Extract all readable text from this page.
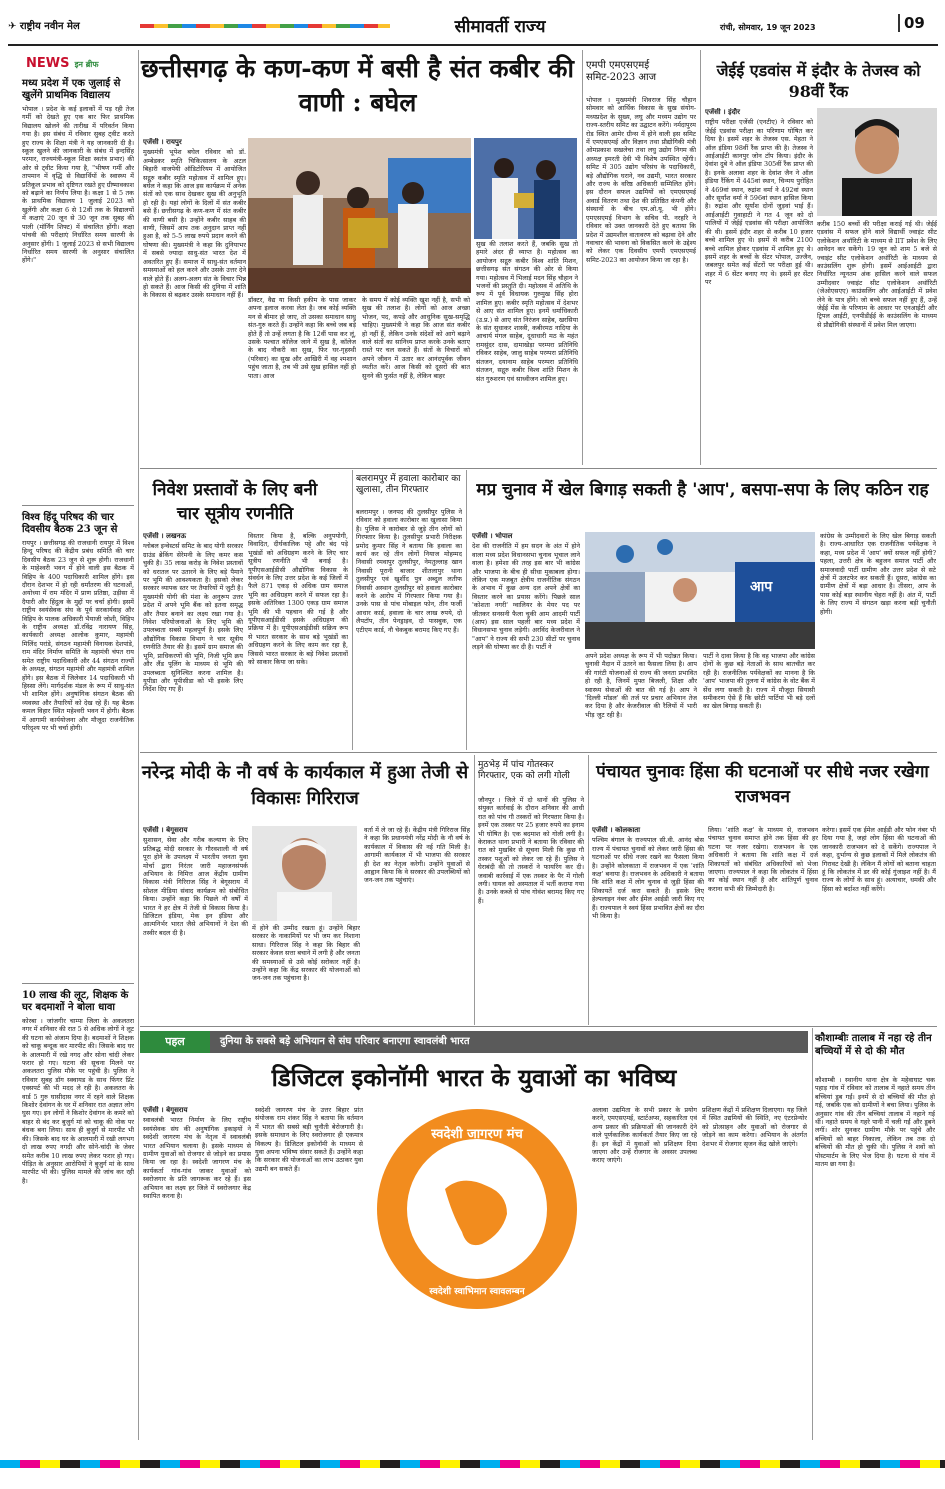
✈ राष्ट्रीय नवीन मेल	सीमावर्ती राज्य	रांची, सोमवार, 19 जून 2023	09
NEWS इन ब्रीफ
मध्य प्रदेश में एक जुलाई से खुलेंगे प्राथमिक विद्यालय
भोपाल । प्रदेश के कई इलाकों में पड़ रही तेज गर्मी को देखते हुए एक बार फिर प्राथमिक विद्यालय खोलने की तारीख में परिवर्तन किया गया है। इस संबंध में रविवार सुबह ट्वीट करते हुए राज्य के शिक्षा मंत्री ने यह जानकारी दी है। स्कूल खुलने की जानकारी के संबंध में इन्दसिंह परमार, राज्यमंत्री-स्कूल शिक्षा स्वतंत्र प्रभार) की ओर से ट्वीट किया गया है, "भीषण गर्मी और तापमान में वृद्धि से विद्यार्थियों के स्वास्थ्य में प्रतिकूल प्रभाव को दृष्टिगत रखते हुए ग्रीष्मावकाश को बढ़ाने का निर्णय लिया है। कक्षा 1 से 5 तक के प्राथमिक विद्यालय 1 जुलाई 2023 को खुलेंगी और कक्षा 6 से 12वीं तक के विद्यालयों में कक्षाएं 20 जून से 30 जून तक सुबह की पाली (मॉर्निंग शिफ्ट) में संचालित होंगी। कक्षा पांचवी की परीक्षाएं निर्धारित समय सारणी के अनुसार होंगी। 1 जुलाई 2023 से सभी विद्यालय निर्धारित समय सारणी के अनुसार संचालित होंगे।"
विश्व हिंदू परिषद की चार दिवसीय बैठक 23 जून से
रायपुर । छत्तीसगढ़ की राजधानी रायपुर में विश्व हिन्दू परिषद की केंद्रीय प्रबंध समिति की चार दिवसीय बैठक 23 जून से शुरू होगी। राजधानी के माहेश्वरी भवन में होने वाली इस बैठक में विहिप के 400 पदाधिकारी शामिल होंगे। इस दौरान देशभर में हो रही धर्मांतरण की घटनाओं, अयोध्या में राम मंदिर में प्राण प्रतिष्ठा, उड़ीसा में दैयारी और हिंदुत्व के मुद्दों पर चर्चा होगी। इसमें राष्ट्रीय स्वयंसेवक संघ के पूर्व सरकार्यवाह और विहिप के पालक अधिकारी भैयाजी जोशी, विहिप के राष्ट्रीय अध्यक्ष डॉ.रविंद्र नारायण सिंह, कार्यकारी अध्यक्ष आलोक कुमार, महामंत्री मिलिंद परांडे, संगठन महामंत्री विनायक देशपांडे, राम मंदिर निर्माण समिति के महामंत्री चंपत राय समेत राष्ट्रीय पदाधिकारी और 44 संगठन राज्यों के अध्यक्ष, संगठन महामंत्री और महामंत्री शामिल होंगे। इस बैठक में जिलेवार 14 पदाधिकारी भी हिस्सा लेंगे। मार्गदर्शक मंडल के रूप में साधु-संत भी शामिल होंगे। अनुषांगिक संगठन बैठक की व्यवस्था और तैयारियों को देख रहे हैं। यह बैठक कमल विहार स्थित महेश्वरी भवन में होगी। बैठक में आगामी कार्ययोजना और मौजूदा राजनीतिक परिदृश्य पर भी चर्चा होगी।
10 लाख की लूट, शिक्षक के घर बदमाशों ने बोला धावा
कोरबा । जांजगीर चाम्पा जिला के अकलतरा नगर में शनिवार की रात 5 से अधिक लोगों ने लूट की घटना को अंजाम दिया है। बदमाशों ने शिक्षक को चाकू बन्दूक कर मारपीट की। जिसके बाद घर के आलमारी में रखे नगद और सोना चांदी लेकर फरार हो गए। घटना की सूचना मिलने पर अकलतरा पुलिस मौके पर पहुंची है। पुलिस ने रविवार सुबह डॉग स्क्वायड के साथ फिंगर प्रिंट एक्सपर्ट की भी मदद ले रही है। अकलतरा के वार्ड 5 गुरु घासीदास नगर में रहने वाले शिक्षक किशोर देवांगन के घर में शनिवार रात अज्ञात लोग घुस गए। इन लोगों ने किशोर देवांगन के कमरे को बाहर से बंद कर बुजुर्ग मां को चाकू की नोक पर बंधक बना लिया। साथ ही बुजुर्ग से मारपीट भी की। जिसके बाद घर के आलमारी में रखी लगभग दो लाख रुपए नगदी और सोने-चांदी के जेवर समेत करीब 10 लाख रुपए लेकर फरार हो गए। पीड़ित के अनुसार आरोपियों ने बुजुर्ग मां के साथ मारपीट भी की। पुलिस मामले की जांच कर रही है।
छत्तीसगढ़ के कण-कण में बसी है संत कबीर की वाणी : बघेल
एजेंसी । रायपुर
मुख्यमंत्री भूपेश बघेल रविवार को डॉ. अम्बेडकर स्मृति चिकित्सालय के अटल बिहारी वाजपेयी ऑडिटोरियम में आयोजित सद्गुरु कबीर स्मृति महोत्सव में शामिल हुए। बघेल ने कहा कि आज इस कार्यक्रम में अनेक संतों को एक साथ देखकर सुख की अनुभूति हो रही है। यहां लोगों के दिलों में संत कबीर बसे हैं। छत्तीसगढ़ के कण-कण में संत कबीर की वाणी बसी है। उन्होंने कबीर साहब की वाणी, जिसमें आप तक अनुदान प्राप्त नहीं हुआ है, को 5-5 लाख रुपये प्रदान करने की घोषणा की। मुख्यमंत्री ने कहा कि दुनियाभर में सबसे ज्यादा साधु-संत भारत देश में अवतरित हुए हैं। समाज में साधु-संत वर्तमान समस्याओं को हल करने और उसके उत्तर देने वाले होते हैं। अलग-अलग संत के विचार भिन्न हो सकते हैं। आज किसी की दुनिया में शांति के विकास से बढ़कर उसके समाधान नहीं हैं।
डॉक्टर, वैद्य या किसी हकीम के पास जाकर अपना इलाज करवा लेता है। जब कोई व्यक्ति मन से बीमार हो जाए, तो उसका समाधान साधु संत-गुरु करते हैं। उन्होंने कहा कि बच्चे जब बड़े होते हैं तो उन्हें लगता है कि 12वीं पास कर लूं, उसके पश्चात कॉलेज जाने में सुख है, कॉलेज के बाद नौकरी का सुख, फिर घर-गृहस्थी (परिवार) का सुख और आखिरी में वह श्मशान पहुंच जाता है, तब भी उसे सुख हासिल नहीं हो पाता। आज
के समय में कोई व्यक्ति खुश नहीं है, सभी को सुख की तलाश है। लोगों को आज अच्छा भोजन, पद, कपड़े और आधुनिक सुख-समृद्धि चाहिए। मुख्यमंत्री ने कहा कि आज संत कबीर हो नहीं हैं, लेकिन उनके संदेशों को आगे बढ़ाने वाले संतों का सानिध्य प्राप्त करके उनके बताए रास्ते पर चल सकते हैं। संतों के विचारों को अपने जीवन में उतार कर आनंदपूर्वक जीवन व्यतीत करें। आज किसी को दूसरों की बात सुनने की फुर्सत नहीं है, लेकिन बाहर
सुख की तलाश करते हैं, जबकि सुख तो हमारे अंदर ही व्याप्त है। महोत्सव का आयोजन सद्गुरु कबीर विश्व शांति मिशन, छत्तीसगढ़ संत संगठन की ओर से किया गया। महोत्सव में भिलाई मदन सिंह चौहान ने भजनों की प्रस्तुति दी। महोत्सव में अतिथि के रूप में पूर्व विधायक गुरुमुख सिंह होरा शामिल हुए। कबीर स्मृति महोत्सव में देशभर से आए संत शामिल हुए। इनमें धर्माधिकारी (उ.प्र.) से आए संत निरंजन साहेब, खरसिया के संत सुधाकर शास्त्री, कबीरमठ नादिया के आचार्य मंगल साहेब, दूधाधारी मठ के महंत रामसुंदर दास, दामाखेड़ा परम्परा प्रतिनिधि रविकर साहेब, जालु साहेब परम्परा प्रतिनिधि संतजन, दयानाम साहेब परम्परा प्रतिनिधि संतजन, सद्गुरु कबीर विश्व शांति मिशन के संत गुरुशरण एवं साध्वीजन शामिल हुए।
एमपी एमएसएमई समिट-2023 आज
भोपाल । मुख्यमंत्री शिवराज सिंह चौहान सोमवार को आर्थिक विकास के सुख संयोग- मध्यप्रदेश के सुख्य, लघु और मध्यम उद्योग पर राज्य-स्तरीय समिट का उद्घाटन करेंगे। नर्मदापुरम रोड स्थित आमेर ग्रीन्स में होने वाली इस समिट में एमएसएमई और विज्ञान तथा प्रौद्योगिकी मंत्री ओमप्रकाश सखलेचा तथा लघु उद्योग निगम की अध्यक्ष इमरती देवी भी विशेष उपस्थित रहेंगी। समिट में 305 उद्योग परिसंघ के पदाधिकारी, बड़े औद्योगिक घराने, नव उद्यमी, भारत सरकार और राज्य के वरिष्ठ अधिकारी सम्मिलित होंगे। इस दौरान सफल उद्यमियों को एमएसएमई अवार्ड वितरण तथा देश की प्रतिष्ठित कंपनी और संस्थानों के बीच एम.ओ.यू. भी होंगे। एमएसएमई विभाग के सचिव पी. नरहरि ने रविवार को उक्त जानकारी देते हुए बताया कि प्रदेश में उद्यमशील वातावरण को बढ़ावा देने और नवाचार की भावना को विकसित करने के उद्देश्य को लेकर एक दिवसीय एमपी एमएसएमई समिट-2023 का आयोजन किया जा रहा है।
जेईई एडवांस में इंदौर के तेजस्व को 98वीं रैंक
एजेंसी । इंदौर
राष्ट्रीय परीक्षा एजेंसी (एनटीए) ने रविवार को जेईई एडवांस परीक्षा का परिणाम घोषित कर दिया है। इसमें शहर के तेजस्व एस. मेहता ने ऑल इंडिया 98वीं रैंक प्राप्त की है। तेजस्व ने आईआईटी कानपुर जोन टॉप किया। इंदौर के देवांश दुबे ने ऑल इंडिया 305वीं रैंक प्राप्त की है। इनके अलावा शहर के देवांश जैन ने ऑल इंडिया रैंकिंग में 445वां स्थान, चिन्मय पुरोहित ने 469वां स्थान, रुद्रांश वर्मा ने 492वां स्थान और सूर्यांश वर्मा ने 596वां स्थान हासिल किया है। रुद्रांश और सूर्यांश दोनों जुड़वां भाई हैं। आईआईटी गुवाहाटी ने गत 4 जून को दो पालियों में जेईई एडवांस की परीक्षा आयोजित की थी। इसमें इंदौर शहर से करीब 10 हजार बच्चे शामिल हुए थे। इसमें से करीब 2100 बच्चे शामिल होकर एडवांस में शामिल हुए थे। इसमें शहर के बच्चों के सेंटर भोपाल, उज्जैन, जबलपुर समेत कई सेंटरों पर परीक्षा हुई थी। शहर में 6 सेंटर बनाए गए थे। इसमें हर सेंटर पर
करीब 150 बच्चों की परीक्षा कराई गई थी। जेईई एडवांस में सफल होने वाले विद्यार्थी ज्वाइंट सीट एलोकेशन अथॉरिटी के माध्यम से IIT प्रवेश के लिए आवेदन कर सकेंगे। 19 जून को शाम 5 बजे से ज्वाइंट सीट एलोकेशन अथॉरिटी के माध्यम से काउंसलिंग शुरू होगी। इसमें आईआईटी द्वारा निर्धारित न्यूनतम अंक हासिल करने वाले सफल उम्मीदवार ज्वाइंट सीट एलोकेशन अथॉरिटी (जेओएसएए) काउंसलिंग और आईआईटी में प्रवेश लेने के पात्र होंगे। जो बच्चे सफल नहीं हुए हैं, उन्हें जेईई मेंस के परिणाम के आधार पर एनआईटी और ट्रिपल आईटी, एनपीडीईई के काउंसलिंग के माध्यम से प्रौद्योगिकी संस्थानों में प्रवेश मिल जाएगा।
निवेश प्रस्तावों के लिए बनी चार सूत्रीय रणनीति
एजेंसी । लखनऊ
ग्लोबल इन्वेस्टर्स समिट के बाद योगी सरकार ग्राउंड ब्रेकिंग सेरेमनी के लिए कमर कस चुकी है। 35 लाख करोड़ के निवेश प्रस्तावों को धरातल पर उतारने के लिए बड़े पैमाने पर भूमि की आवश्यकता है। इसको लेकर सरकार व्यापक स्तर पर तैयारियों में जुटी है। मुख्यमंत्री योगी की मंशा के अनुरूप उत्तर प्रदेश में अपने भूमि बैंक को इतना समृद्ध और तैयार बनाने का लक्ष्य रखा गया है। निवेश परियोजनाओं के लिए भूमि की उपलब्धता सबसे महत्वपूर्ण है। इसके लिए औद्योगिक विकास विभाग ने चार सूत्रीय रणनीति तैयार की है। इसमें ग्राम समाज की भूमि, प्राधिकरणों की भूमि, निजी भूमि क्रय और लैंड पूलिंग के माध्यम से भूमि की उपलब्धता सुनिश्चित करना शामिल है। यूपीडा और यूपीसीडा को भी इसके लिए निर्देश दिए गए हैं।
विस्तार किया है, बल्कि अनुपयोगी, विवादित, दीर्घकालिक पट्टे और बंद पड़े भूखंडों को अधिग्रहण करने के लिए चार सूत्रीय रणनीति भी बनाई है। यूपीएसआईडीसी औद्योगिक विकास के संवर्धन के लिए उत्तर प्रदेश के कई जिलों में फैले 871 एकड़ से अधिक ग्राम समाज भूमि का अधिग्रहण करने में सफल रहा है। इसके अतिरिक्त 1300 एकड़ ग्राम समाज भूमि की भी पहचान की गई है और यूपीएसआईडीसी इसके अधिग्रहण की प्रक्रिया में है। यूपीएसआईडीसी सक्रिय रूप से भारत सरकार के साथ बड़े भूखंडों का अधिग्रहण करने के लिए काम कर रहा है, जिससे भारत सरकार के बड़े निवेश प्रस्तावों को साकार किया जा सके।
बलरामपुर में हवाला कारोबार का खुलासा, तीन गिरफ्तार
बलरामपुर । जनपद की तुलसीपुर पुलिस ने रविवार को हवाला कारोबार का खुलासा किया है। पुलिस ने कारोबार से जुड़े तीन लोगों को गिरफ्तार किया है। तुलसीपुर प्रभारी निरीक्षक प्रमोद कुमार सिंह ने बताया कि हवाला का कार्य कर रहे तीन लोगों नियाज मोहम्मद निवासी रमवापुर तुलसीपुर, नेमतुल्लाह खान निवासी पूरानी बाजार शीतलापुर थाना तुलसीपुर एवं खुर्शीद पुत्र अब्दुल लतीफ निवासी अस्थान तुलसीपुर को हवाला कारोबार करने के आरोप में गिरफ्तार किया गया है। उनके पास से पांच मोबाइल फोन, तीन फर्जी आधार कार्ड, हवाला के चार लाख रुपये, दो लैपटॉप, तीन पेनड्राइव, दो पासबुक, एक एटीएम कार्ड, नौ चेकबुक बरामद किए गए हैं।
मप्र चुनाव में खेल बिगाड़ सकती है 'आप', बसपा-सपा के लिए कठिन राह
एजेंसी । भोपाल
देश की राजनीति में हम सदन के अंत में होने वाला मध्य प्रदेश विधानसभा चुनाव भूचाल लाने वाला है। हमेशा की तरह इस बार भी कांग्रेस और भाजपा के बीच ही सीधा मुकाबला होगा। लेकिन एक मजबूत क्षेत्रीय राजनीतिक संगठन के अभाव में कुछ अन्य दल अपने क्षेत्रों का विस्तार करने का प्रयास करेंगे। पिछले साल 'कोशता नगरी' ग्वालियर के मेयर पद पर जीतकर सनसनी फैला चुकी आम आदमी पार्टी (आप) इस साल पहली बार मध्य प्रदेश में विधानसभा चुनाव लड़ेगी। अरविंद केजरीवाल ने "आप" ने राज्य की सभी 230 सीटों पर चुनाव लड़ने की घोषणा कर दी है। पार्टी ने
आप
अपने प्रदेश अध्यक्ष के रूप में भी पदोन्नत किया। चुनावी मैदान में उतरने का फैसला लिया है। आप की गारंटी योजनाओं से राज्य की जनता प्रभावित हो रही है, जिनमें मुफ्त बिजली, शिक्षा और स्वास्थ्य सेवाओं की बात की गई है। आप ने 'दिल्ली मॉडल' की तर्ज पर प्रचार अभियान तेज कर दिया है और केजरीवाल की रैलियों में भारी भीड़ जुट रही है।
पार्टी ने दावा किया है कि वह भाजपा और कांग्रेस दोनों के कुछ बड़े नेताओं के साथ बातचीत कर रही है। राजनीतिक पर्यवेक्षकों का मानना है कि 'आप' भाजपा की तुलना में कांग्रेस के वोट बैंक में सेंध लगा सकती है। राज्य में मौजूदा सियासी समीकरण ऐसे हैं कि छोटी पार्टियां भी बड़े दलों का खेल बिगाड़ सकती हैं।
कांग्रेस के उम्मीदवारों के लिए खेल बिगाड़ सकती है। राज्य-आधारित एक राजनीतिक पर्यवेक्षक ने कहा, मध्य प्रदेश में 'आप' क्यों सफल नहीं होगी? पहला, उत्तरी क्षेत्र के बहुजन समाज पार्टी और समाजवादी पार्टी ग्रामीण और उत्तर प्रदेश से सटे क्षेत्रों में उलटफेर कर सकती हैं। दूसरा, कांग्रेस का ग्रामीण क्षेत्रों में बड़ा आधार है। तीसरा, आप के पास कोई बड़ा स्थानीय चेहरा नहीं है। अंत में, पार्टी के लिए राज्य में संगठन खड़ा करना बड़ी चुनौती होगी।
नरेन्द्र मोदी के नौ वर्ष के कार्यकाल में हुआ तेजी से विकासः गिरिराज
एजेंसी । बेगूसराय
सुशासन, सेवा और गरीब कल्याण के लिए प्रतिबद्ध मोदी सरकार के गौरवशाली नौ वर्ष पूरा होने के उपलक्ष्य में भारतीय जनता युवा मोर्चा द्वारा निरंतर जारी महाजनसंपर्क अभियान के निमित्त आज केंद्रीय ग्रामीण विकास मंत्री गिरिराज सिंह ने बेगूसराय में सोशल मीडिया संवाद कार्यक्रम को संबोधित किया। उन्होंने कहा कि पिछले नौ वर्षों में भारत ने हर क्षेत्र में तेजी से विकास किया है। डिजिटल इंडिया, मेक इन इंडिया और आत्मनिर्भर भारत जैसे अभियानों ने देश की तस्वीर बदल दी है।
में होने की उम्मीद रखता हूं। उन्होंने बिहार सरकार के नाकामियों पर भी जम कर निशाना साधा। गिरिराज सिंह ने कहा कि बिहार की सरकार केवल सत्ता बचाने में लगी है और जनता की समस्याओं से उसे कोई सरोकार नहीं है। उन्होंने कहा कि केंद्र सरकार की योजनाओं को जन-जन तक पहुंचाना है।
वर्ता में ले जा रहे हैं। केंद्रीय मंत्री गिरिराज सिंह ने कहा कि प्रधानमंत्री नरेंद्र मोदी के नौ वर्ष के कार्यकाल में विकास की नई गति मिली है। आगामी कार्यकाल में भी भाजपा की सरकार ही देश का नेतृत्व करेगी। उन्होंने युवाओं से आह्वान किया कि वे सरकार की उपलब्धियों को जन-जन तक पहुंचाएं।
मुठभेड़ में पांच गोतस्कर गिरफ्तार, एक को लगी गोली
जौनपुर । जिले में दो थानों की पुलिस ने संयुक्त कार्रवाई के दौरान शनिवार की आधी रात को पांच गौ तस्करों को गिरफ्तार किया है। इनमें एक तस्कर पर 25 हजार रुपये का इनाम भी घोषित है। एक बदमाश को गोली लगी है। केराकत थाना प्रभारी ने बताया कि रविवार की रात को मुखबिर से सूचना मिली कि कुछ गौ तस्कर पशुओं को लेकर जा रहे हैं। पुलिस ने घेराबंदी की तो तस्करों ने फायरिंग कर दी। जवाबी कार्रवाई में एक तस्कर के पैर में गोली लगी। घायल को अस्पताल में भर्ती कराया गया है। उनके कब्जे से पांच गोवंश बरामद किए गए हैं।
पंचायत चुनावः हिंसा की घटनाओं पर सीधे नजर रखेगा राजभवन
एजेंसी । कोलकाता
पश्चिम बंगाल के राज्यपाल सी.वी. आनंद बोस राज्य में पंचायत चुनावों को लेकर जारी हिंसा की घटनाओं पर सीधे नजर रखने का फैसला किया है। उन्होंने कोलकाता में राजभवन में एक 'शांति कक्ष' बनाया है। राजभवन के अधिकारी ने बताया कि शांति कक्ष में लोग चुनाव से जुड़ी हिंसा की शिकायतें दर्ज करा सकते हैं। इसके लिए हेल्पलाइन नंबर और ईमेल आईडी जारी किए गए हैं। राज्यपाल ने स्वयं हिंसा प्रभावित क्षेत्रों का दौरा भी किया है।
लिया। 'शांति कक्ष' के माध्यम से, राजभवन पंचायत चुनाव समाप्त होने तक हिंसा की हर घटना पर नजर रखेगा। राजभवन के एक अधिकारी ने बताया कि शांति कक्ष में दर्ज शिकायतों को संबंधित अधिकारियों को भेजा जाएगा। राज्यपाल ने कहा कि लोकतंत्र में हिंसा का कोई स्थान नहीं है और शांतिपूर्ण चुनाव कराना सभी की जिम्मेदारी है।
करेगा। इसमें एक ईमेल आईडी और फोन नंबर भी दिया गया है, जहां लोग हिंसा की घटनाओं की जानकारी राजभवन को दे सकेंगे। राज्यपाल ने कहा, दुर्भाग्य से कुछ इलाकों में मिले लोकतंत्र की गिरावट देखी है। लेकिन मैं लोगों को बताना चाहता हूं कि लोकतंत्र में डर की कोई गुंजाइश नहीं है। मैं राज्य के लोगों के साथ हूं। अत्याचार, धमकी और हिंसा को बर्दाश्त नहीं करेंगे।
पहल	दुनिया के सबसे बड़े अभियान से संघ परिवार बनाएगा स्वावलंबी भारत
डिजिटल इकोनॉमी भारत के युवाओं का भविष्य
एजेंसी । बेगूसराय
स्वावलंबी भारत निर्माण के लिए राष्ट्रीय स्वयंसेवक संघ की अनुषांगिक इकाइयों ने स्वदेशी जागरण मंच के नेतृत्व में स्वावलंबी भारत अभियान चलाया है। इसके माध्यम से ग्रामीण युवाओं को रोजगार से जोड़ने का प्रयास किया जा रहा है। स्वदेशी जागरण मंच के कार्यकर्ता गांव-गांव जाकर युवाओं को स्वरोजगार के प्रति जागरूक कर रहे हैं। इस अभियान का लक्ष्य हर जिले में स्वरोजगार केंद्र स्थापित करना है।
स्वदेशी जागरण मंच के उत्तर बिहार प्रांत संयोजक राम शंकर सिंह ने बताया कि वर्तमान में भारत की सबसे बड़ी चुनौती बेरोजगारी है। इसके समाधान के लिए स्वरोजगार ही एकमात्र विकल्प है। डिजिटल इकोनॉमी के माध्यम से युवा अपना भविष्य संवार सकते हैं। उन्होंने कहा कि सरकार की योजनाओं का लाभ उठाकर युवा उद्यमी बन सकते हैं।
स्वदेशी जागरण मंच
स्वदेशी स्वाभिमान स्वावलम्बन
अलावा उद्यमिता के सभी प्रकार के प्रयोग करने, एमएसएमई, स्टार्टअप्स, सहकारिता एवं अन्य प्रकार की प्रक्रियाओं की जानकारी देने वाले पूर्णकालिक कार्यकर्ता तैयार किए जा रहे हैं। इन केंद्रों में युवाओं को प्रशिक्षण दिया जाएगा और उन्हें रोजगार के अवसर उपलब्ध कराए जाएंगे।
प्रशिक्षण केंद्रों में प्रशिक्षण दिलाएगा। यह जिले में स्थित उद्यमियों की स्थिति, नए एंटरप्रेन्योर को प्रोत्साहन और युवाओं को रोजगार से जोड़ने का काम करेगा। अभियान के अंतर्गत देशभर में रोजगार सृजन केंद्र खोले जाएंगे।
कौशाम्बीः तालाब में नहा रहे तीन बच्चियों में से दो की मौत
कौशाम्बी । स्थानीय थाना क्षेत्र के महेवाघाट चक पहाड़ गांव में रविवार को तालाब में नहाते समय तीन बच्चियां डूब गईं। इनमें से दो बच्चियों की मौत हो गई, जबकि एक को ग्रामीणों ने बचा लिया। पुलिस के अनुसार गांव की तीन बच्चियां तालाब में नहाने गई थीं। नहाते समय वे गहरे पानी में चली गईं और डूबने लगीं। शोर सुनकर ग्रामीण मौके पर पहुंचे और बच्चियों को बाहर निकाला, लेकिन तब तक दो बच्चियों की मौत हो चुकी थी। पुलिस ने शवों को पोस्टमार्टम के लिए भेज दिया है। घटना से गांव में मातम छा गया है।
